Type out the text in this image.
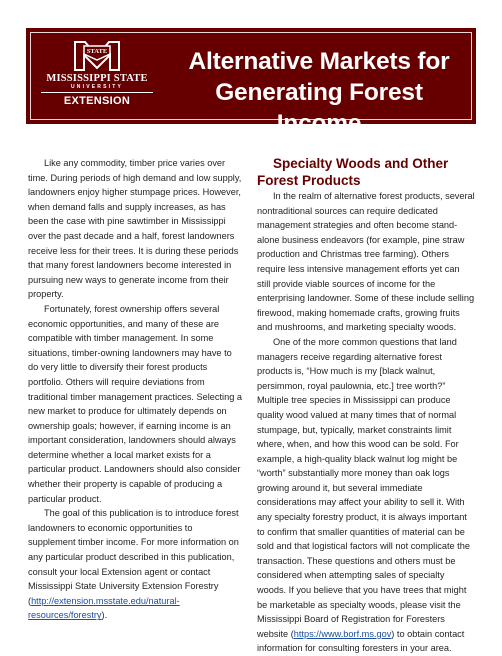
STATE
MISSISSIPPI STATE
UNIVERSITY
EXTENSION
Alternative Markets for
Generating Forest Income

Like any commodity, timber price varies over time. During periods of high demand and low supply, landowners enjoy higher stumpage prices. However, when demand falls and supply increases, as has been the case with pine sawtimber in Mississippi over the past decade and a half, forest landowners receive less for their trees. It is during these periods that many forest landowners become interested in pursuing new ways to generate income from their property.

Fortunately, forest ownership offers several economic opportunities, and many of these are compatible with timber management. In some situations, timber-owning landowners may have to do very little to diversify their forest products portfolio. Others will require deviations from traditional timber management practices. Selecting a new market to produce for ultimately depends on ownership goals; however, if earning income is an important consideration, landowners should always determine whether a local market exists for a particular product. Landowners should also consider whether their property is capable of producing a particular product.

The goal of this publication is to introduce forest landowners to economic opportunities to supplement timber income. For more information on any particular product described in this publication, consult your local Extension agent or contact Mississippi State University Extension Forestry (http://extension.msstate.edu/natural-resources/forestry).

Specialty Woods and Other Forest Products

In the realm of alternative forest products, several nontraditional sources can require dedicated management strategies and often become stand-alone business endeavors (for example, pine straw production and Christmas tree farming). Others require less intensive management efforts yet can still provide viable sources of income for the enterprising landowner. Some of these include selling firewood, making homemade crafts, growing fruits and mushrooms, and marketing specialty woods.

One of the more common questions that land managers receive regarding alternative forest products is, “How much is my [black walnut, persimmon, royal paulownia, etc.] tree worth?” Multiple tree species in Mississippi can produce quality wood valued at many times that of normal stumpage, but, typically, market constraints limit where, when, and how this wood can be sold. For example, a high-quality black walnut log might be “worth” substantially more money than oak logs growing around it, but several immediate considerations may affect your ability to sell it. With any specialty forestry product, it is always important to confirm that smaller quantities of material can be sold and that logistical factors will not complicate the transaction. These questions and others must be considered when attempting sales of specialty woods. If you believe that you have trees that might be marketable as specialty woods, please visit the Mississippi Board of Registration for Foresters website (https://www.borf.ms.gov) to obtain contact information for consulting foresters in your area.
